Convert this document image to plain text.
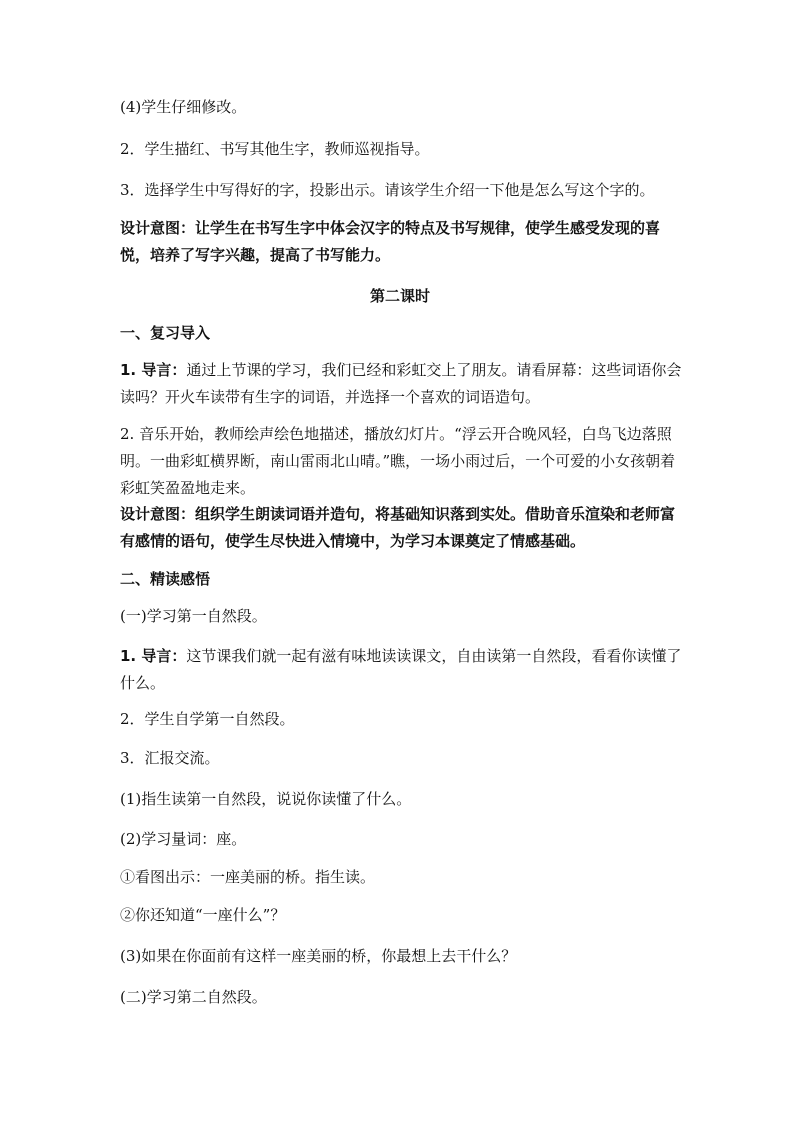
(4)学生仔细修改。

2．学生描红、书写其他生字，教师巡视指导。

3．选择学生中写得好的字，投影出示。请该学生介绍一下他是怎么写这个字的。

设计意图：让学生在书写生字中体会汉字的特点及书写规律，使学生感受发现的喜悦，培养了写字兴趣，提高了书写能力。

第二课时

一、复习导入

1. 导言：通过上节课的学习，我们已经和彩虹交上了朋友。请看屏幕：这些词语你会读吗？开火车读带有生字的词语，并选择一个喜欢的词语造句。

2. 音乐开始，教师绘声绘色地描述，播放幻灯片。“浮云开合晚风轻，白鸟飞边落照明。一曲彩虹横界断，南山雷雨北山晴。”瞧，一场小雨过后，一个可爱的小女孩朝着彩虹笑盈盈地走来。

设计意图：组织学生朗读词语并造句，将基础知识落到实处。借助音乐渲染和老师富有感情的语句，使学生尽快进入情境中，为学习本课奠定了情感基础。

二、精读感悟

(一)学习第一自然段。

1. 导言：这节课我们就一起有滋有味地读读课文，自由读第一自然段，看看你读懂了什么。

2．学生自学第一自然段。

3．汇报交流。

(1)指生读第一自然段，说说你读懂了什么。

(2)学习量词：座。

①看图出示：一座美丽的桥。指生读。

②你还知道“一座什么”？

(3)如果在你面前有这样一座美丽的桥，你最想上去干什么？

(二)学习第二自然段。
